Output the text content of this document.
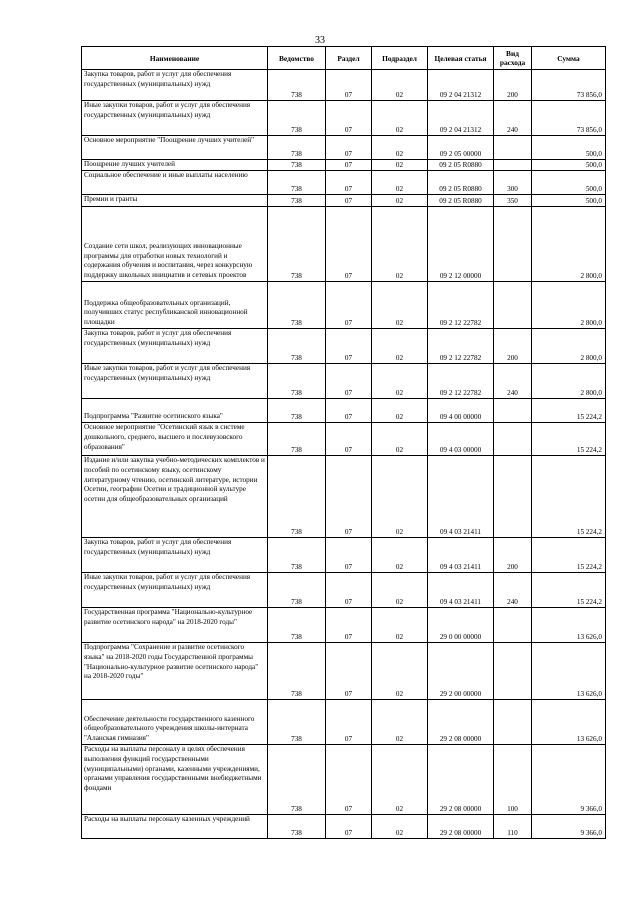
33
Наименование	Ведомство	Раздел	Подраздел	Целевая статья	Вид расхода	Сумма
Закупка товаров, работ и услуг для обеспечения государственных (муниципальных) нужд	738	07	02	09 2 04 21312	200	73 856,0
Иные закупки товаров, работ и услуг для обеспечения государственных (муниципальных) нужд	738	07	02	09 2 04 21312	240	73 856,0
Основное мероприятие "Поощрение лучших учителей"	738	07	02	09 2 05 00000		500,0
Поощрение лучших учителей	738	07	02	09 2 05 R0880		500,0
Социальное обеспечение и иные выплаты населению	738	07	02	09 2 05 R0880	300	500,0
Премии и гранты	738	07	02	09 2 05 R0880	350	500,0
Создание сети школ, реализующих инновационные программы для отработки новых технологий и содержания обучения и воспитания, через конкурсную поддержку школьных инициатив и сетевых проектов	738	07	02	09 2 12 00000		2 800,0
Поддержка общеобразовательных организаций, получивших статус республиканской инновационной площадки	738	07	02	09 2 12 22782		2 800,0
Закупка товаров, работ и услуг для обеспечения государственных (муниципальных) нужд	738	07	02	09 2 12 22782	200	2 800,0
Иные закупки товаров, работ и услуг для обеспечения государственных (муниципальных) нужд	738	07	02	09 2 12 22782	240	2 800,0
Подпрограмма "Развитие осетинского языка"	738	07	02	09 4 00 00000		15 224,2
Основное мероприятие "Осетинский язык в системе дошкольного, среднего, высшего и послевузовского образования"	738	07	02	09 4 03 00000		15 224,2
Издание и/или закупка учебно-методических комплектов и пособий по осетинскому языку, осетинскому литературному чтению, осетинской литературе, истории Осетии, географии Осетии и традиционной культуре осетин для общеобразовательных организаций	738	07	02	09 4 03 21411		15 224,2
Закупка товаров, работ и услуг для обеспечения государственных (муниципальных) нужд	738	07	02	09 4 03 21411	200	15 224,2
Иные закупки товаров, работ и услуг для обеспечения государственных (муниципальных) нужд	738	07	02	09 4 03 21411	240	15 224,2
Государственная программа "Национально-культурное развитие осетинского народа" на 2018-2020 годы"	738	07	02	29 0 00 00000		13 626,0
Подпрограмма "Сохранение и развитие осетинского языка" на 2018-2020 годы Государственной программы "Национально-культурное развитие осетинского народа" на 2018-2020 годы"	738	07	02	29 2 00 00000		13 626,0
Обеспечение деятельности государственного казенного общеобразовательного учреждения школы-интерната "Аланская гимназия"	738	07	02	29 2 08 00000		13 626,0
Расходы на выплаты персоналу в целях обеспечения выполнения функций государственными (муниципальными) органами, казенными учреждениями, органами управления государственными внебюджетными фондами	738	07	02	29 2 08 00000	100	9 366,0
Расходы на выплаты персоналу казенных учреждений	738	07	02	29 2 08 00000	110	9 366,0
